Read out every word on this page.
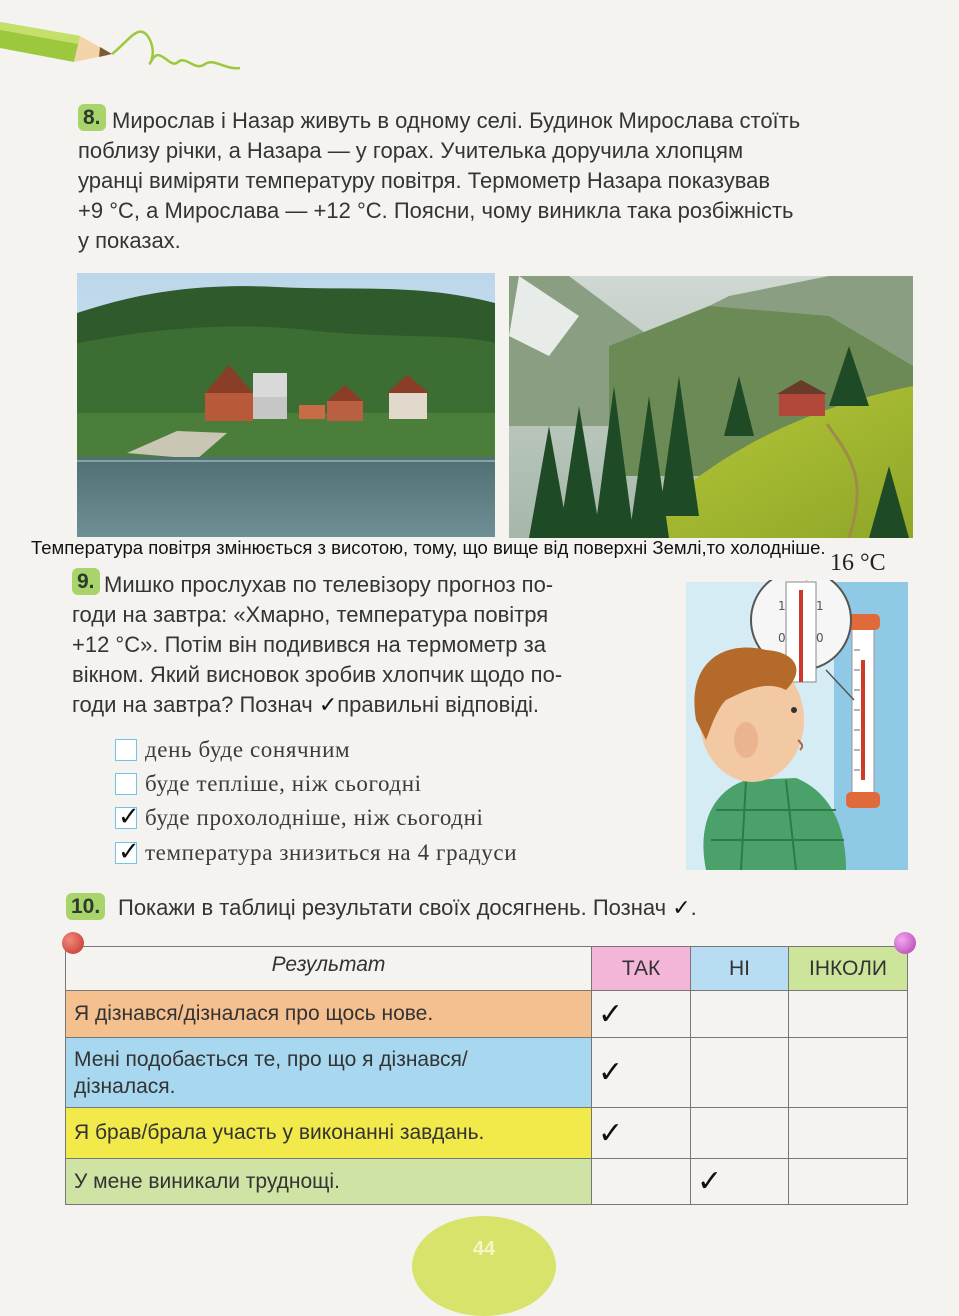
8. Мирослав і Назар живуть в одному селі. Будинок Мирослава стоїть
поблизу річки, а Назара — у горах. Учителька доручила хлопцям
уранці виміряти температуру повітря. Термометр Назара показував
+9 °С, а Мирослава — +12 °С. Поясни, чому виникла така розбіжність
у показах.
Температура повітря змінюється з висотою, тому, що вище від поверхні Землі,то холодніше.
9. Мишко прослухав по телевізору прогноз по-
годи на завтра: «Хмарно, температура повітря
+12 °С». Потім він подивився на термометр за
вікном. Який висновок зробив хлопчик щодо по-
годи на завтра? Познач ✓правильні відповіді.
1	1
0	0
16 °C
день буде сонячним
буде тепліше, ніж сьогодні
✓ буде прохолодніше, ніж сьогодні
✓ температура знизиться на 4 градуси
10. Покажи в таблиці результати своїх досягнень. Познач ✓.
Результат	ТАК	НІ	ІНКОЛИ
Я дізнався/дізналася про щось нове.	✓		
Мені подобається те, про що я дізнався/ дізналася.	✓		
Я брав/брала участь у виконанні завдань.	✓		
У мене виникали труднощі.		✓	
44
